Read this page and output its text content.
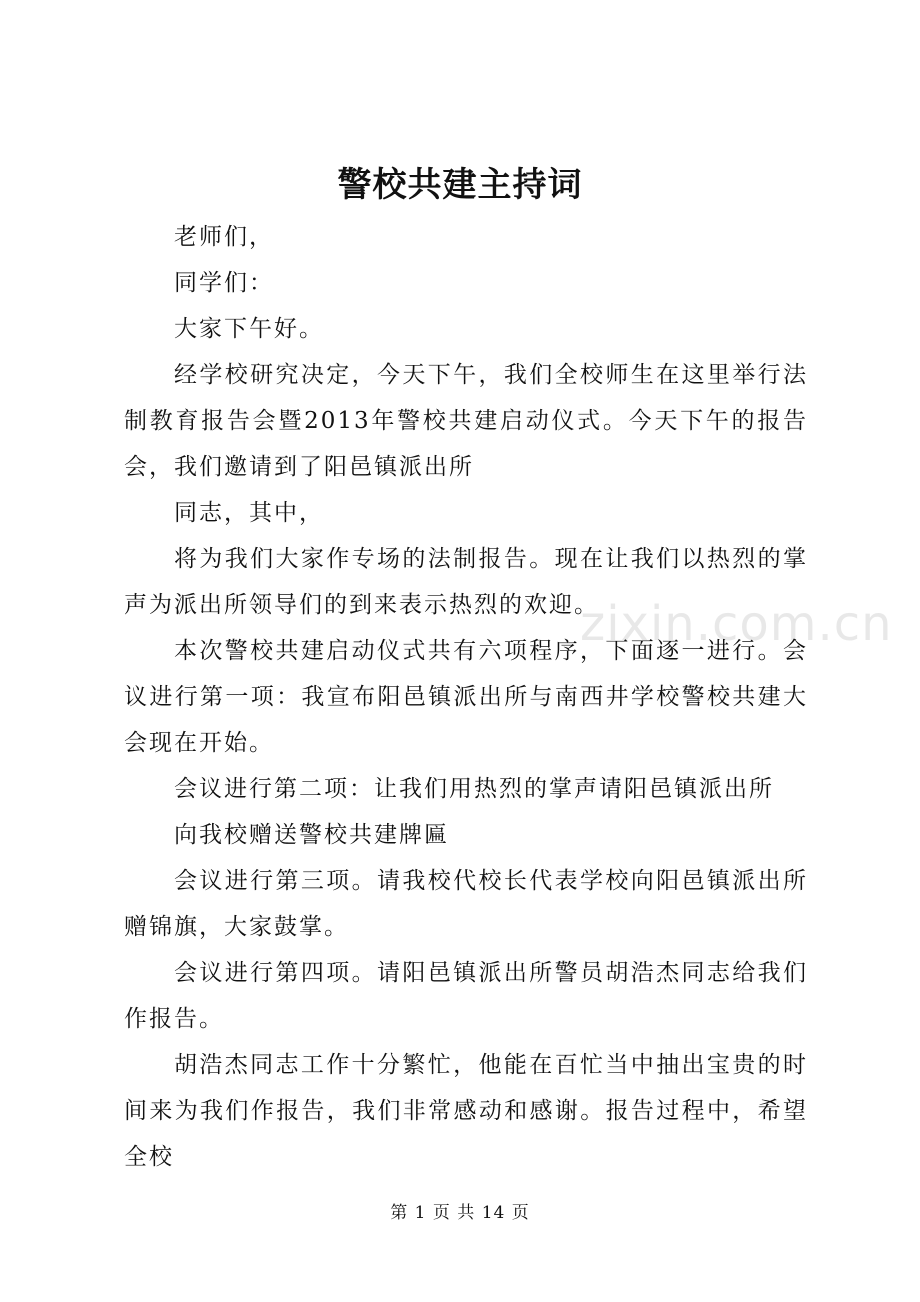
警校共建主持词

老师们，

同学们：

大家下午好。

经学校研究决定，今天下午，我们全校师生在这里举行法制教育报告会暨2013年警校共建启动仪式。今天下午的报告会，我们邀请到了阳邑镇派出所

同志，其中，

将为我们大家作专场的法制报告。现在让我们以热烈的掌声为派出所领导们的到来表示热烈的欢迎。

本次警校共建启动仪式共有六项程序，下面逐一进行。会议进行第一项：我宣布阳邑镇派出所与南西井学校警校共建大会现在开始。

会议进行第二项：让我们用热烈的掌声请阳邑镇派出所

向我校赠送警校共建牌匾

会议进行第三项。请我校代校长代表学校向阳邑镇派出所赠锦旗，大家鼓掌。

会议进行第四项。请阳邑镇派出所警员胡浩杰同志给我们作报告。

胡浩杰同志工作十分繁忙，他能在百忙当中抽出宝贵的时间来为我们作报告，我们非常感动和感谢。报告过程中，希望全校

zixin.com.cn
第 1 页 共 14 页
